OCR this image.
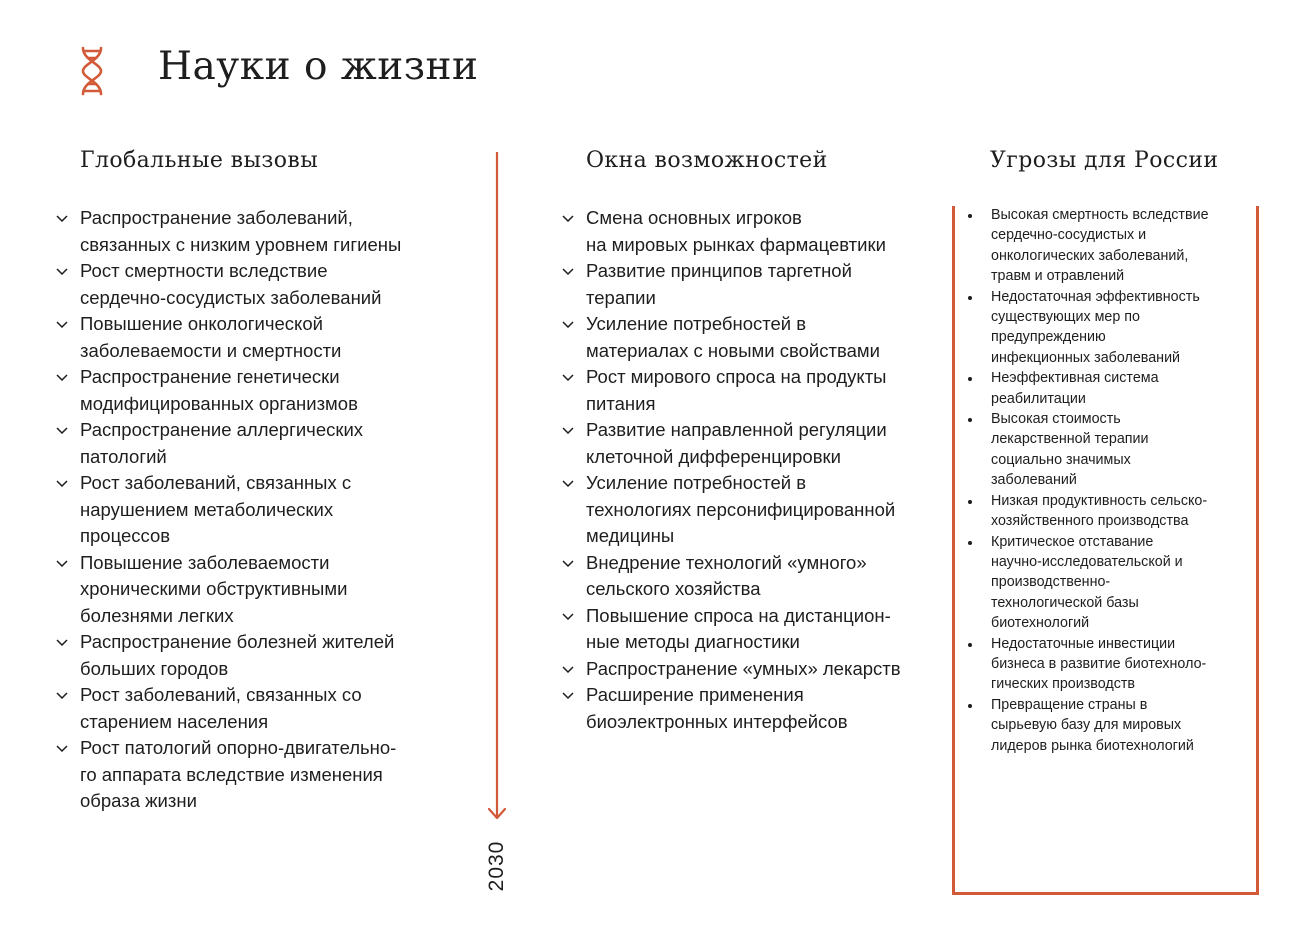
Науки о жизни
Глобальные вызовы	Окна возможностей	Угрозы для России
Распространение заболеваний,
связанных с низким уровнем гигиены
Рост смертности вследствие
сердечно-сосудистых заболеваний
Повышение онкологической
заболеваемости и смертности
Распространение генетически
модифицированных организмов
Распространение аллергических
патологий
Рост заболеваний, связанных с
нарушением метаболических
процессов
Повышение заболеваемости
хроническими обструктивными
болезнями легких
Распространение болезней жителей
больших городов
Рост заболеваний, связанных со
старением населения
Рост патологий опорно-двигательно-
го аппарата вследствие изменения
образа жизни
Смена основных игроков
на мировых рынках фармацевтики
Развитие принципов таргетной
терапии
Усиление потребностей в
материалах с новыми свойствами
Рост мирового спроса на продукты
питания
Развитие направленной регуляции
клеточной дифференцировки
Усиление потребностей в
технологиях персонифицированной
медицины
Внедрение технологий «умного»
сельского хозяйства
Повышение спроса на дистанцион-
ные методы диагностики
Распространение «умных» лекарств
Расширение применения
биоэлектронных интерфейсов
2030
Высокая смертность вследствие
сердечно-сосудистых и
онкологических заболеваний,
травм и отравлений
Недостаточная эффективность
существующих мер по
предупреждению
инфекционных заболеваний
Неэффективная система
реабилитации
Высокая стоимость
лекарственной терапии
социально значимых
заболеваний
Низкая продуктивность сельско-
хозяйственного производства
Критическое отставание
научно-исследовательской и
производственно-
технологической базы
биотехнологий
Недостаточные инвестиции
бизнеса в развитие биотехноло-
гических производств
Превращение страны в
сырьевую базу для мировых
лидеров рынка биотехнологий
